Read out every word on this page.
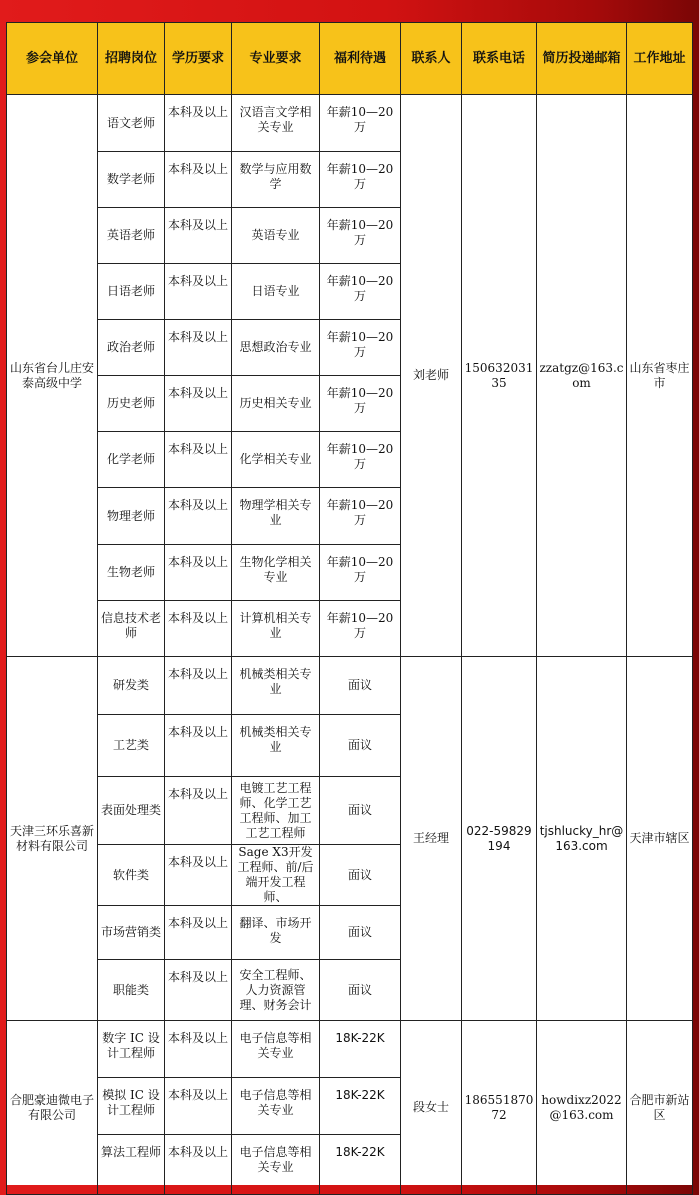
参会单位	招聘岗位	学历要求	专业要求	福利待遇	联系人	联系电话	简历投递邮箱	工作地址
山东省台儿庄安泰高级中学	语文老师	本科及以上	汉语言文学相关专业	年薪10—20万	刘老师	15063203135	zzatgz@163.com	山东省枣庄市
	数学老师	本科及以上	数学与应用数学	年薪10—20万				
	英语老师	本科及以上	英语专业	年薪10—20万				
	日语老师	本科及以上	日语专业	年薪10—20万				
	政治老师	本科及以上	思想政治专业	年薪10—20万				
	历史老师	本科及以上	历史相关专业	年薪10—20万				
	化学老师	本科及以上	化学相关专业	年薪10—20万				
	物理老师	本科及以上	物理学相关专业	年薪10—20万				
	生物老师	本科及以上	生物化学相关专业	年薪10—20万				
	信息技术老师	本科及以上	计算机相关专业	年薪10—20万				
天津三环乐喜新材料有限公司	研发类	本科及以上	机械类相关专业	面议	王经理	022-59829194	tjshlucky_hr@163.com	天津市辖区
	工艺类	本科及以上	机械类相关专业	面议				
	表面处理类	本科及以上	电镀工艺工程师、化学工艺工程师、加工工艺工程师	面议				
	软件类	本科及以上	Sage X3开发工程师、前/后端开发工程师、	面议				
	市场营销类	本科及以上	翻译、市场开发	面议				
	职能类	本科及以上	安全工程师、人力资源管理、财务会计	面议				
合肥豪迪微电子有限公司	数字 IC 设计工程师	本科及以上	电子信息等相关专业	18K-22K	段女士	18655187072	howdixz2022@163.com	合肥市新站区
	模拟 IC 设计工程师	本科及以上	电子信息等相关专业	18K-22K				
	算法工程师	本科及以上	电子信息等相关专业	18K-22K				
